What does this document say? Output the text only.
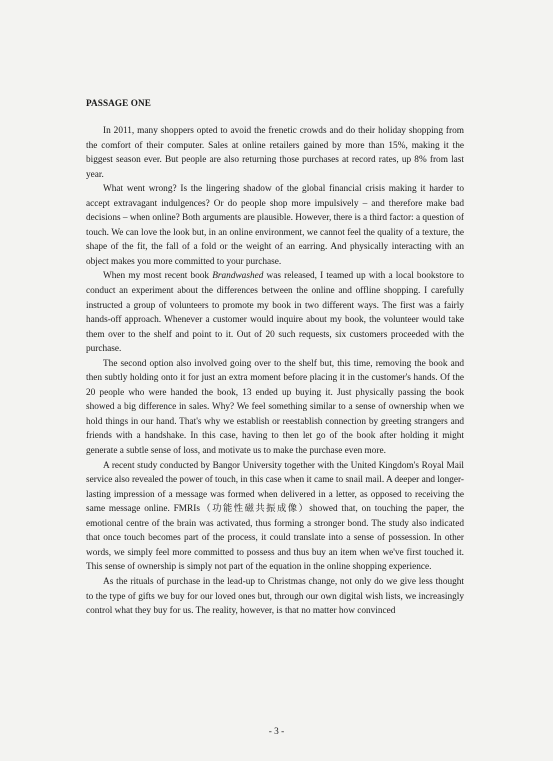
PASSAGE ONE

In 2011, many shoppers opted to avoid the frenetic crowds and do their holiday shopping from the comfort of their computer. Sales at online retailers gained by more than 15%, making it the biggest season ever. But people are also returning those purchases at record rates, up 8% from last year.

What went wrong? Is the lingering shadow of the global financial crisis making it harder to accept extravagant indulgences? Or do people shop more impulsively – and therefore make bad decisions – when online? Both arguments are plausible. However, there is a third factor: a question of touch. We can love the look but, in an online environment, we cannot feel the quality of a texture, the shape of the fit, the fall of a fold or the weight of an earring. And physically interacting with an object makes you more committed to your purchase.

When my most recent book Brandwashed was released, I teamed up with a local bookstore to conduct an experiment about the differences between the online and offline shopping. I carefully instructed a group of volunteers to promote my book in two different ways. The first was a fairly hands-off approach. Whenever a customer would inquire about my book, the volunteer would take them over to the shelf and point to it. Out of 20 such requests, six customers proceeded with the purchase.

The second option also involved going over to the shelf but, this time, removing the book and then subtly holding onto it for just an extra moment before placing it in the customer's hands. Of the 20 people who were handed the book, 13 ended up buying it. Just physically passing the book showed a big difference in sales. Why? We feel something similar to a sense of ownership when we hold things in our hand. That's why we establish or reestablish connection by greeting strangers and friends with a handshake. In this case, having to then let go of the book after holding it might generate a subtle sense of loss, and motivate us to make the purchase even more.

A recent study conducted by Bangor University together with the United Kingdom's Royal Mail service also revealed the power of touch, in this case when it came to snail mail. A deeper and longer-lasting impression of a message was formed when delivered in a letter, as opposed to receiving the same message online. FMRIs（功能性磁共振成像）showed that, on touching the paper, the emotional centre of the brain was activated, thus forming a stronger bond. The study also indicated that once touch becomes part of the process, it could translate into a sense of possession. In other words, we simply feel more committed to possess and thus buy an item when we've first touched it. This sense of ownership is simply not part of the equation in the online shopping experience.

As the rituals of purchase in the lead-up to Christmas change, not only do we give less thought to the type of gifts we buy for our loved ones but, through our own digital wish lists, we increasingly control what they buy for us. The reality, however, is that no matter how convinced

- 3 -
